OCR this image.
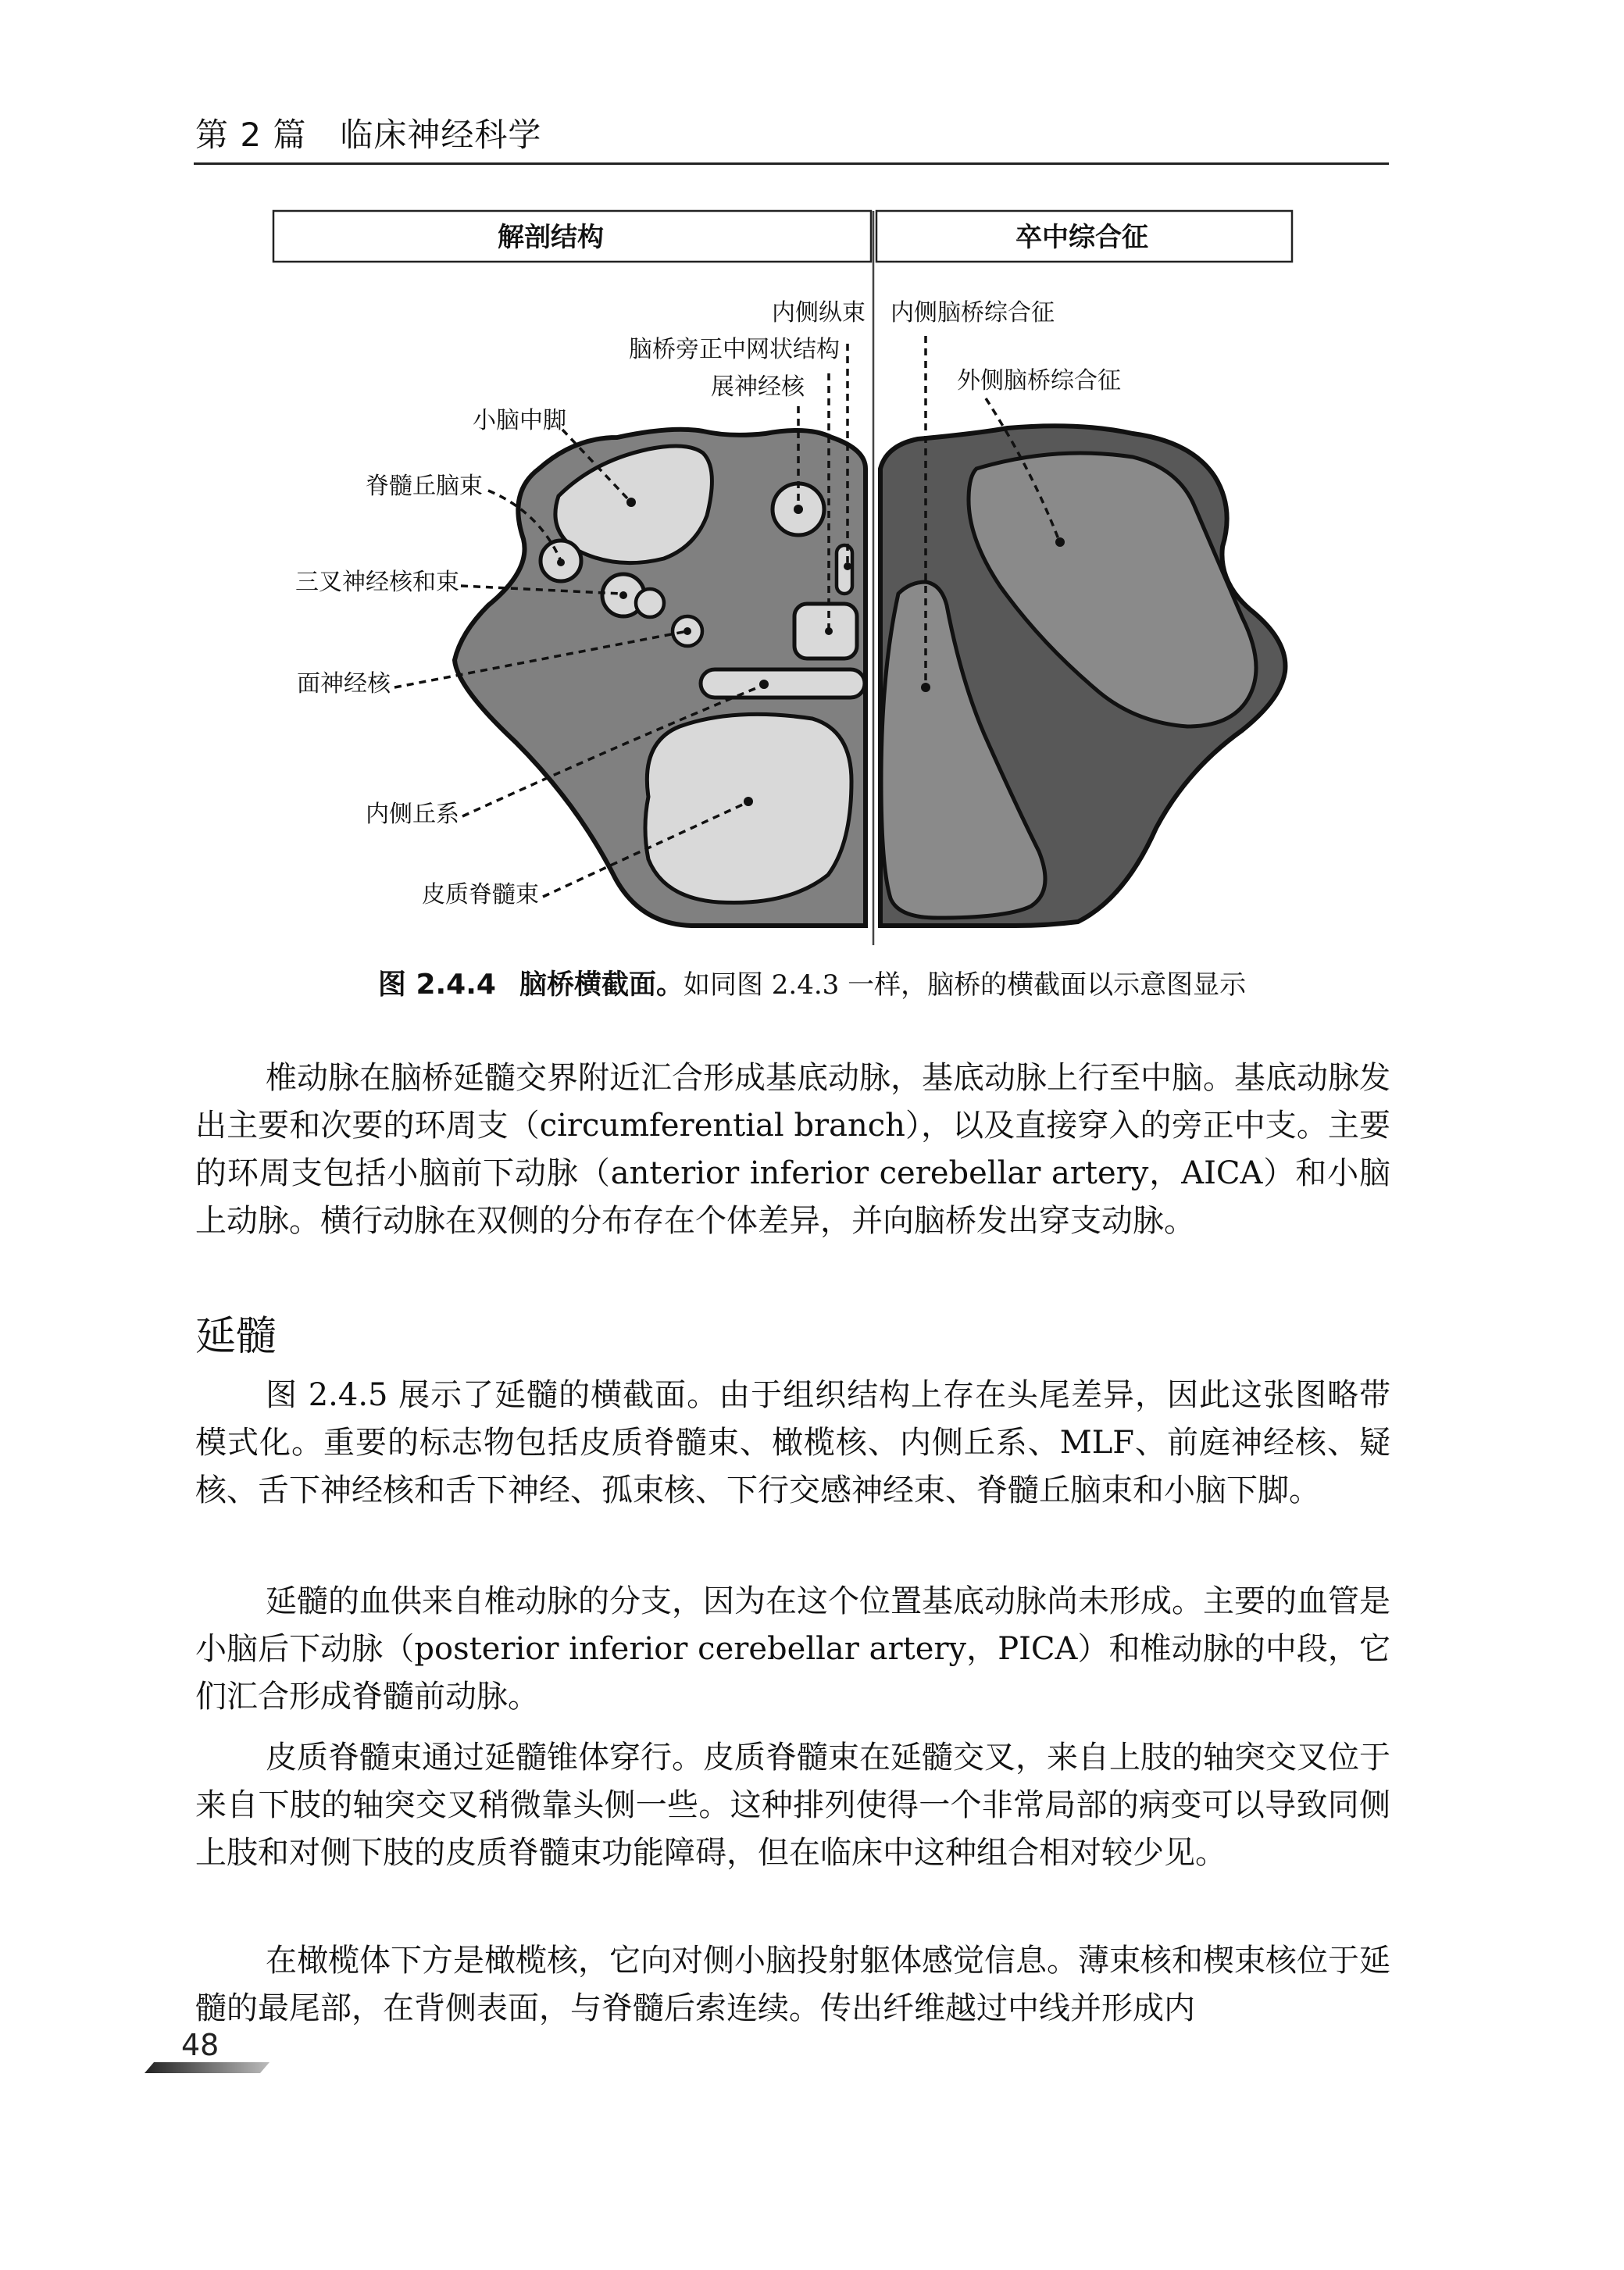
第 2 篇　临床神经科学
解剖结构	卒中综合征
内侧纵束
脑桥旁正中网状结构
展神经核
小脑中脚
脊髓丘脑束
三叉神经核和束
面神经核
内侧丘系
皮质脊髓束
内侧脑桥综合征
外侧脑桥综合征
图 2.4.4 脑桥横截面。如同图 2.4.3 一样，脑桥的横截面以示意图显示

椎动脉在脑桥延髓交界附近汇合形成基底动脉，基底动脉上行至中脑。基底动脉发出主要和次要的环周支（circumferential branch），以及直接穿入的旁正中支。主要的环周支包括小脑前下动脉（anterior inferior cerebellar artery，AICA）和小脑上动脉。横行动脉在双侧的分布存在个体差异，并向脑桥发出穿支动脉。

延髓

图 2.4.5 展示了延髓的横截面。由于组织结构上存在头尾差异，因此这张图略带模式化。重要的标志物包括皮质脊髓束、橄榄核、内侧丘系、MLF、前庭神经核、疑核、舌下神经核和舌下神经、孤束核、下行交感神经束、脊髓丘脑束和小脑下脚。

延髓的血供来自椎动脉的分支，因为在这个位置基底动脉尚未形成。主要的血管是小脑后下动脉（posterior inferior cerebellar artery，PICA）和椎动脉的中段，它们汇合形成脊髓前动脉。

皮质脊髓束通过延髓锥体穿行。皮质脊髓束在延髓交叉，来自上肢的轴突交叉位于来自下肢的轴突交叉稍微靠头侧一些。这种排列使得一个非常局部的病变可以导致同侧上肢和对侧下肢的皮质脊髓束功能障碍，但在临床中这种组合相对较少见。

在橄榄体下方是橄榄核，它向对侧小脑投射躯体感觉信息。薄束核和楔束核位于延髓的最尾部，在背侧表面，与脊髓后索连续。传出纤维越过中线并形成内

48
